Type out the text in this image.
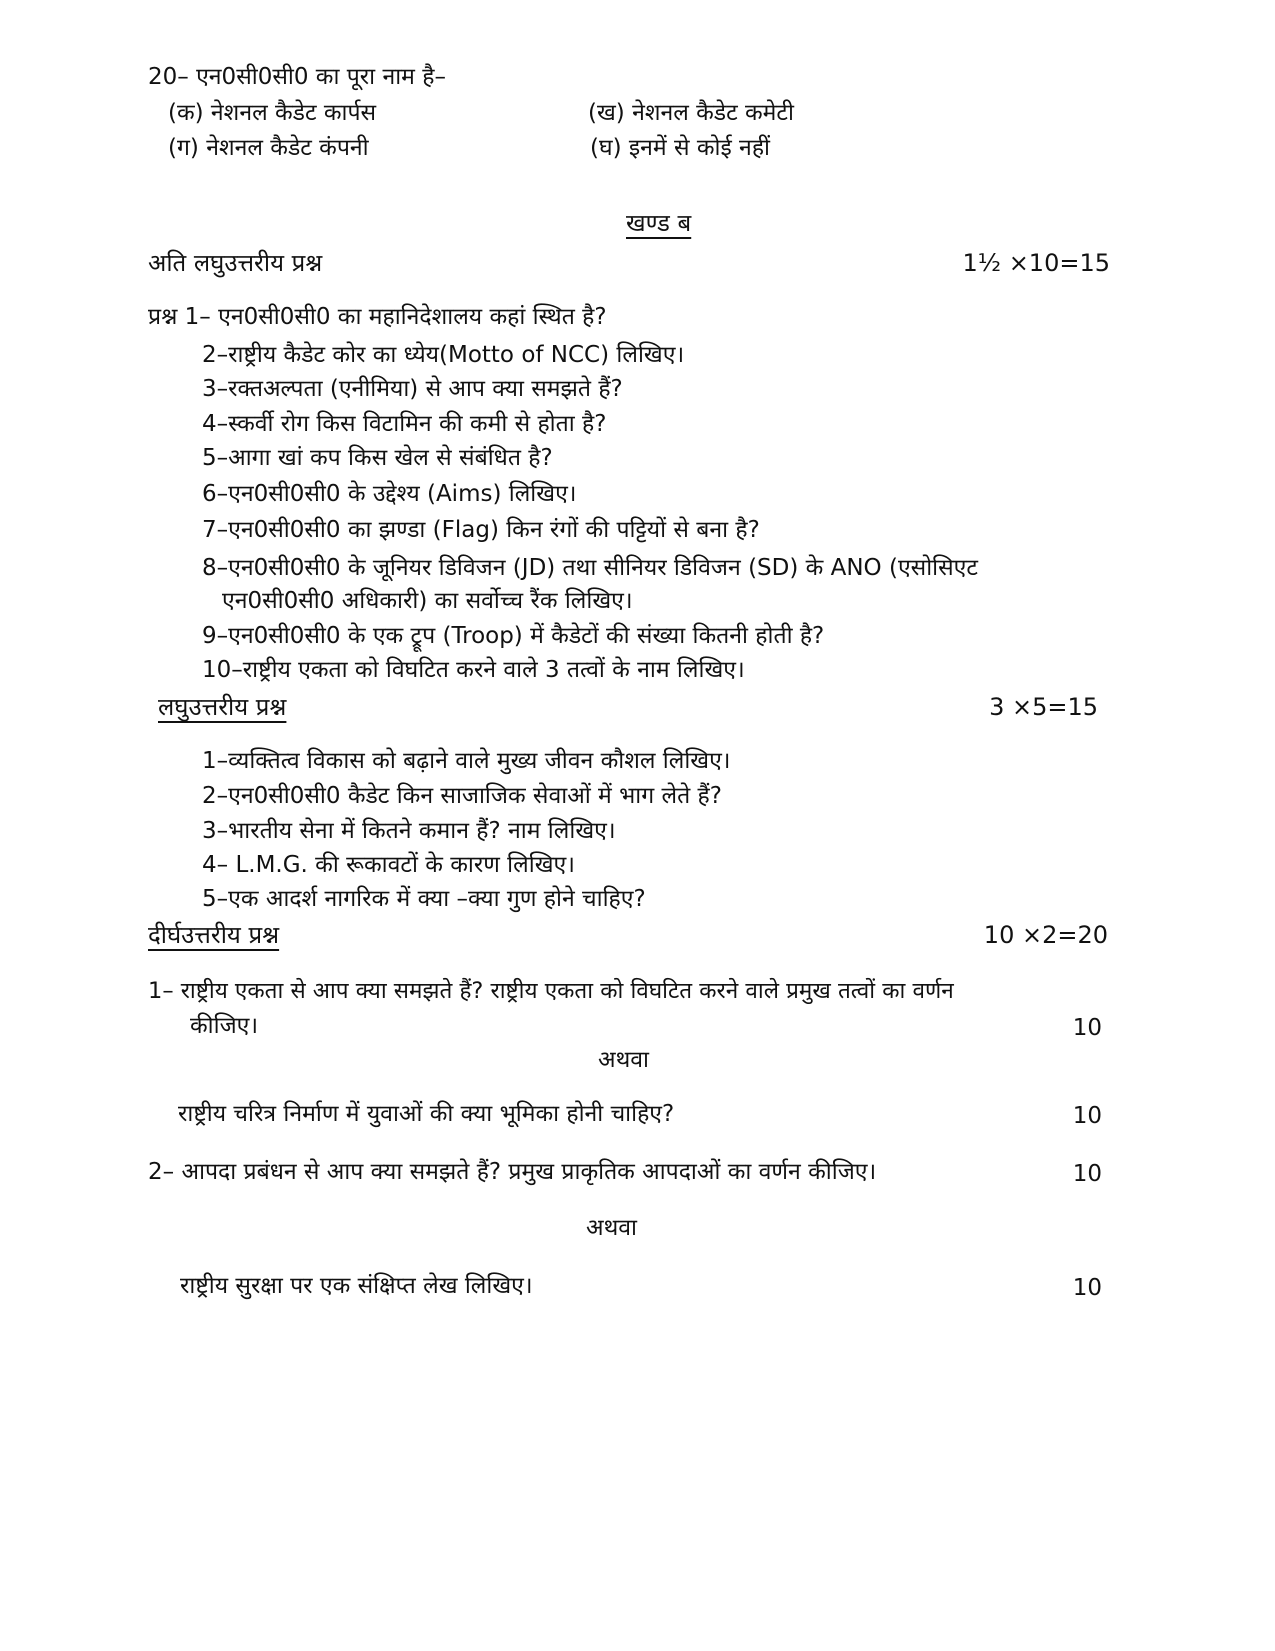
20– एन0सी0सी0 का पूरा नाम है–
(क) नेशनल कैडेट कार्पस	(ख) नेशनल कैडेट कमेटी
(ग) नेशनल कैडेट कंपनी	(घ) इनमें से कोई नहीं
खण्ड ब
अति लघुउत्तरीय प्रश्न	1½ ×10=15
प्रश्न 1– एन0सी0सी0 का महानिदेशालय कहां स्थित है?
2–राष्ट्रीय कैडेट कोर का ध्येय(Motto of NCC) लिखिए।
3–रक्तअल्पता (एनीमिया) से आप क्या समझते हैं?
4–स्कर्वी रोग किस विटामिन की कमी से होता है?
5–आगा खां कप किस खेल से संबंधित है?
6–एन0सी0सी0 के उद्देश्य (Aims) लिखिए।
7–एन0सी0सी0 का झण्डा (Flag) किन रंगों की पट्टियों से बना है?
8–एन0सी0सी0 के जूनियर डिविजन (JD) तथा सीनियर डिविजन (SD) के ANO (एसोसिएट
एन0सी0सी0 अधिकारी) का सर्वोच्च रैंक लिखिए।
9–एन0सी0सी0 के एक ट्रूप (Troop) में कैडेटों की संख्या कितनी होती है?
10–राष्ट्रीय एकता को विघटित करने वाले 3 तत्वों के नाम लिखिए।
लघुउत्तरीय प्रश्न	3 ×5=15
1–व्यक्तित्व विकास को बढ़ाने वाले मुख्य जीवन कौशल लिखिए।
2–एन0सी0सी0 कैडेट किन साजाजिक सेवाओं में भाग लेते हैं?
3–भारतीय सेना में कितने कमान हैं? नाम लिखिए।
4– L.M.G. की रूकावटों के कारण लिखिए।
5–एक आदर्श नागरिक में क्या –क्या गुण होने चाहिए?
दीर्घउत्तरीय प्रश्न	10 ×2=20
1– राष्ट्रीय एकता से आप क्या समझते हैं? राष्ट्रीय एकता को विघटित करने वाले प्रमुख तत्वों का वर्णन
कीजिए।	10
अथवा
राष्ट्रीय चरित्र निर्माण में युवाओं की क्या भूमिका होनी चाहिए?	10
2– आपदा प्रबंधन से आप क्या समझते हैं? प्रमुख प्राकृतिक आपदाओं का वर्णन कीजिए।	10
अथवा
राष्ट्रीय सुरक्षा पर एक संक्षिप्त लेख लिखिए।	10
